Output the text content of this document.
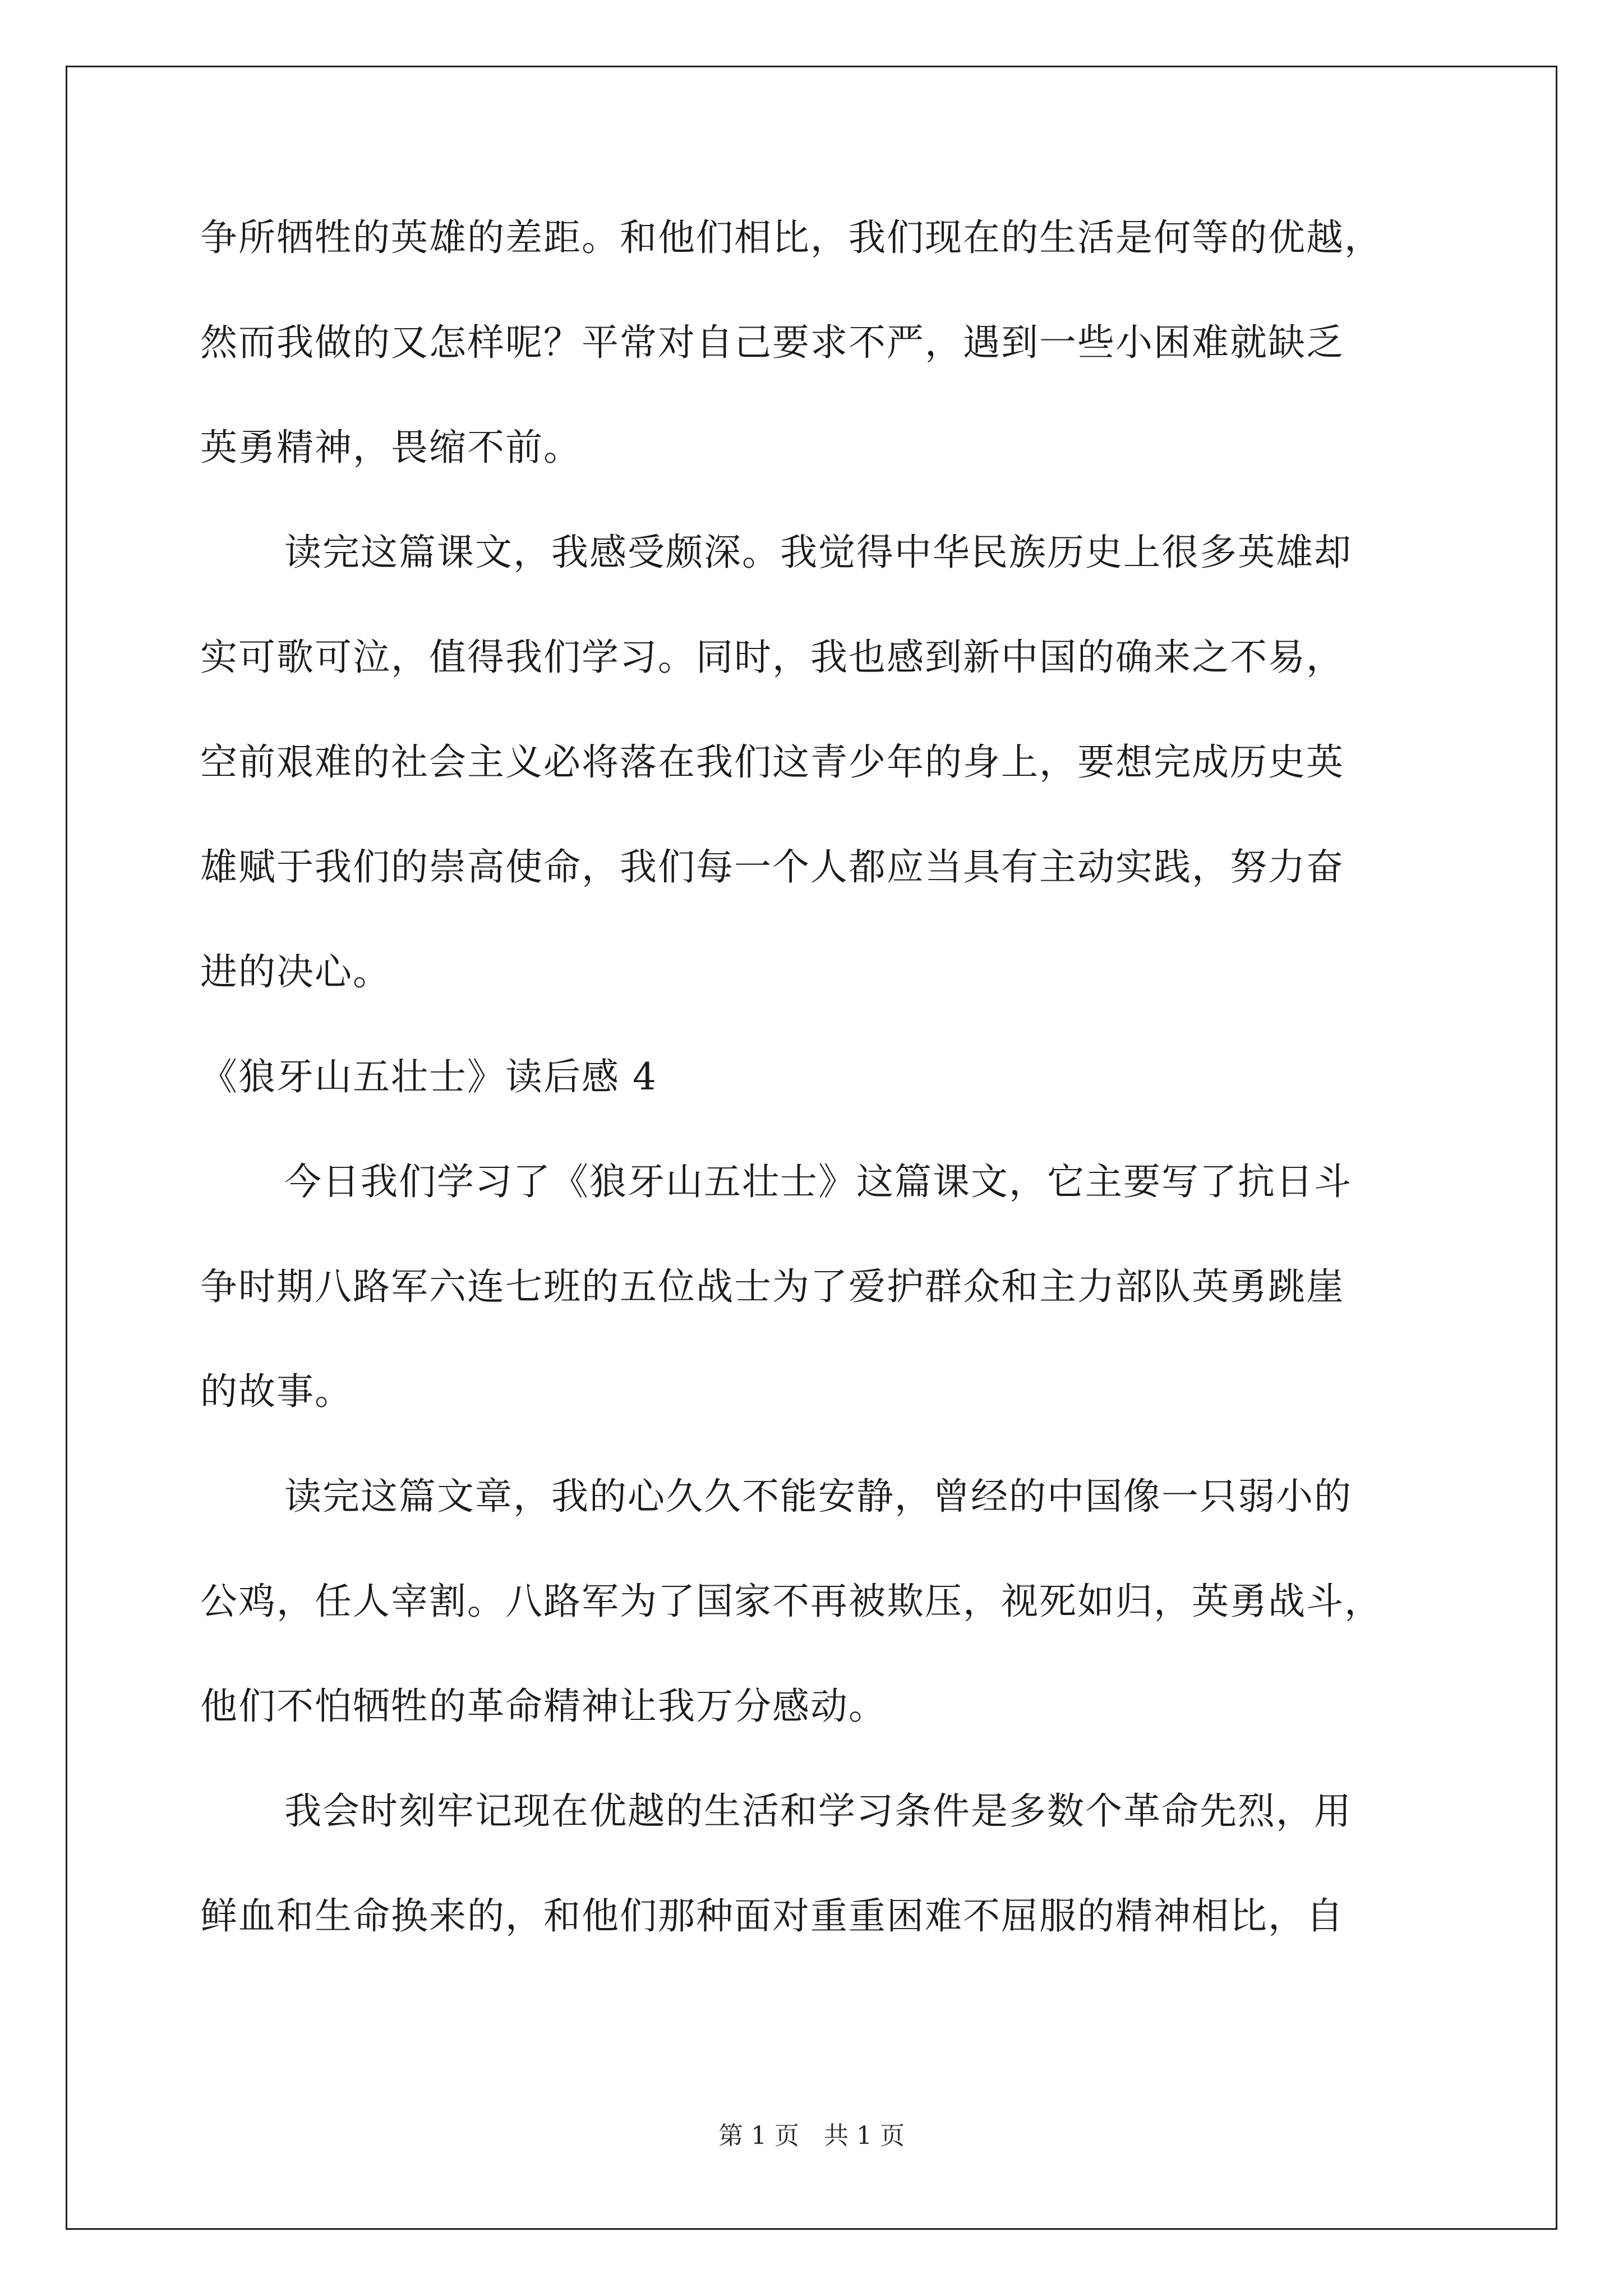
争所牺牲的英雄的差距。和他们相比，我们现在的生活是何等的优越，
然而我做的又怎样呢？平常对自己要求不严，遇到一些小困难就缺乏
英勇精神，畏缩不前。
读完这篇课文，我感受颇深。我觉得中华民族历史上很多英雄却
实可歌可泣，值得我们学习。同时，我也感到新中国的确来之不易，
空前艰难的社会主义必将落在我们这青少年的身上，要想完成历史英
雄赋于我们的崇高使命，我们每一个人都应当具有主动实践，努力奋
进的决心。
《狼牙山五壮士》读后感 4
今日我们学习了《狼牙山五壮士》这篇课文，它主要写了抗日斗
争时期八路军六连七班的五位战士为了爱护群众和主力部队英勇跳崖
的故事。
读完这篇文章，我的心久久不能安静，曾经的中国像一只弱小的
公鸡，任人宰割。八路军为了国家不再被欺压，视死如归，英勇战斗，
他们不怕牺牲的革命精神让我万分感动。
我会时刻牢记现在优越的生活和学习条件是多数个革命先烈，用
鲜血和生命换来的，和他们那种面对重重困难不屈服的精神相比，自
第 1 页 共 1 页
